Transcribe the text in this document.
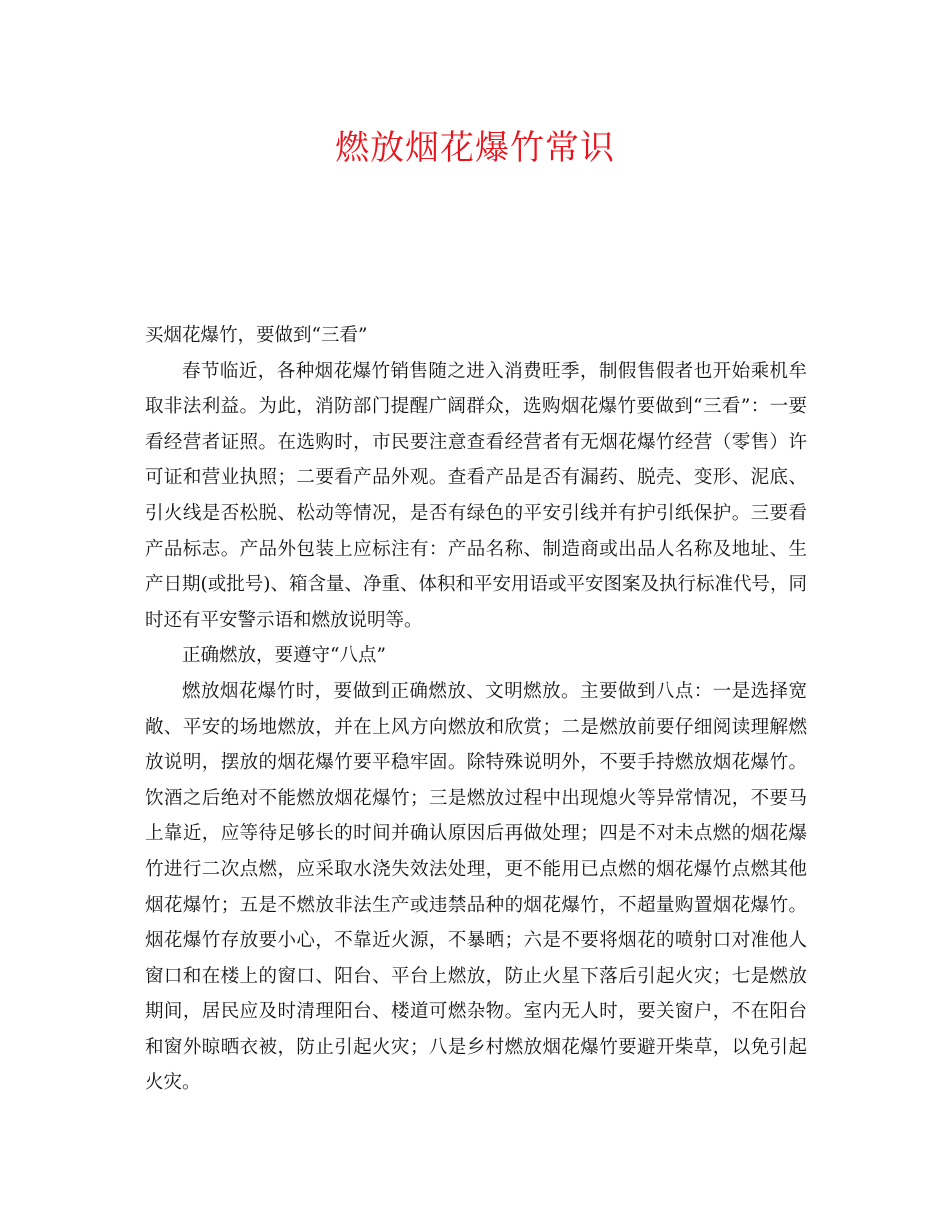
燃放烟花爆竹常识

买烟花爆竹，要做到“三看”

春节临近，各种烟花爆竹销售随之进入消费旺季，制假售假者也开始乘机牟取非法利益。为此，消防部门提醒广阔群众，选购烟花爆竹要做到“三看”：一要看经营者证照。在选购时，市民要注意查看经营者有无烟花爆竹经营（零售）许可证和营业执照；二要看产品外观。查看产品是否有漏药、脱壳、变形、泥底、引火线是否松脱、松动等情况，是否有绿色的平安引线并有护引纸保护。三要看产品标志。产品外包装上应标注有：产品名称、制造商或出品人名称及地址、生产日期(或批号)、箱含量、净重、体积和平安用语或平安图案及执行标准代号，同时还有平安警示语和燃放说明等。

正确燃放，要遵守“八点”

燃放烟花爆竹时，要做到正确燃放、文明燃放。主要做到八点：一是选择宽敞、平安的场地燃放，并在上风方向燃放和欣赏；二是燃放前要仔细阅读理解燃放说明，摆放的烟花爆竹要平稳牢固。除特殊说明外，不要手持燃放烟花爆竹。饮酒之后绝对不能燃放烟花爆竹；三是燃放过程中出现熄火等异常情况，不要马上靠近，应等待足够长的时间并确认原因后再做处理；四是不对未点燃的烟花爆竹进行二次点燃，应采取水浇失效法处理，更不能用已点燃的烟花爆竹点燃其他烟花爆竹；五是不燃放非法生产或违禁品种的烟花爆竹，不超量购置烟花爆竹。烟花爆竹存放要小心，不靠近火源，不暴晒；六是不要将烟花的喷射口对准他人窗口和在楼上的窗口、阳台、平台上燃放，防止火星下落后引起火灾；七是燃放期间，居民应及时清理阳台、楼道可燃杂物。室内无人时，要关窗户，不在阳台和窗外晾晒衣被，防止引起火灾；八是乡村燃放烟花爆竹要避开柴草，以免引起火灾。
